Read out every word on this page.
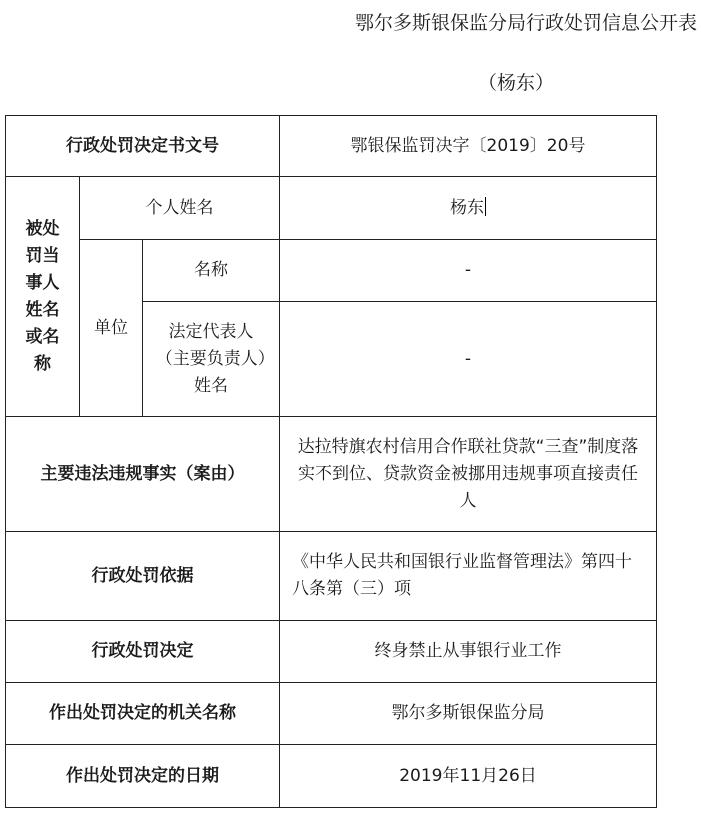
鄂尔多斯银保监分局行政处罚信息公开表
（杨东）
行政处罚决定书文号			鄂银保监罚决字〔2019〕20号

被处罚当事人姓名或名称	个人姓名		杨东
	单位	名称	-

		法定代表人（主要负责人）姓名	-
主要违法违规事实（案由）			达拉特旗农村信用合作联社贷款“三查”制度落实不到位、贷款资金被挪用违规事项直接责任人

行政处罚依据			《中华人民共和国银行业监督管理法》第四十八条第（三）项

行政处罚决定			终身禁止从事银行业工作
作出处罚决定的机关名称			鄂尔多斯银保监分局
作出处罚决定的日期			2019年11月26日
